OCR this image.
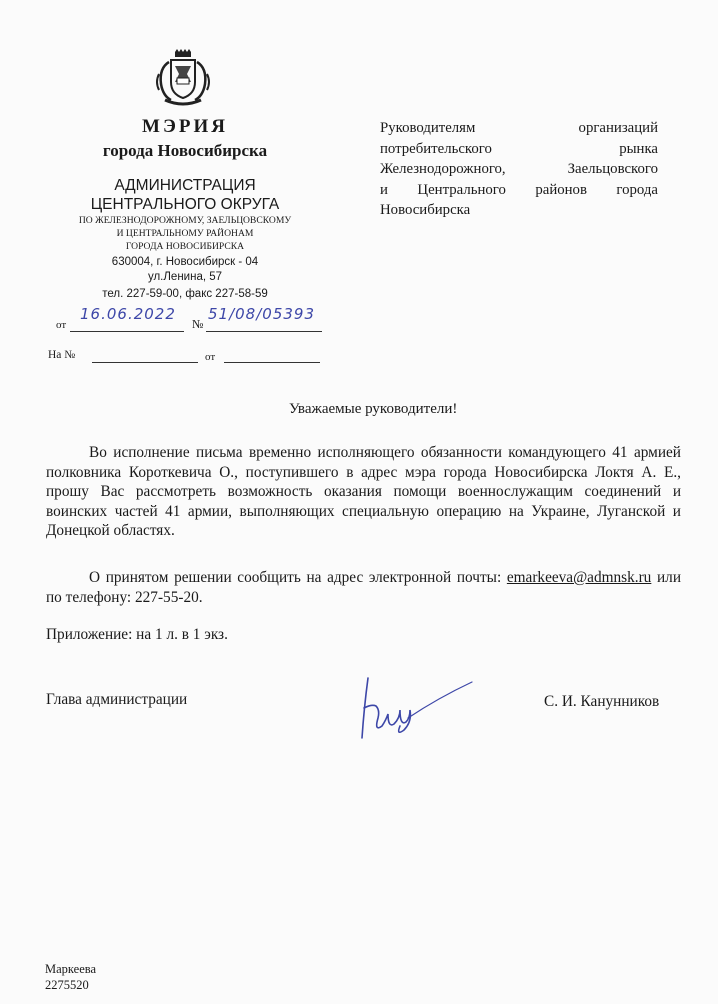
МЭРИЯ
города Новосибирска
АДМИНИСТРАЦИЯ
ЦЕНТРАЛЬНОГО ОКРУГА
ПО ЖЕЛЕЗНОДОРОЖНОМУ, ЗАЕЛЬЦОВСКОМУ
И ЦЕНТРАЛЬНОМУ РАЙОНАМ
ГОРОДА НОВОСИБИРСКА
630004, г. Новосибирск - 04
ул.Ленина, 57
тел. 227-59-00, факс 227-58-59
от
16.06.2022
№
51/08/05393
На №	от
Руководителям организаций
потребительского рынка
Железнодорожного, Заельцовского
и Центрального районов города
Новосибирска
Уважаемые руководители!
Во исполнение письма временно исполняющего обязанности командующего 41 армией полковника Короткевича О., поступившего в адрес мэра города Новосибирска Локтя А. Е., прошу Вас рассмотреть возможность оказания помощи военнослужащим соединений и воинских частей 41 армии, выполняющих специальную операцию на Украине, Луганской и Донецкой областях.
О принятом решении сообщить на адрес электронной почты: emarkeeva@admnsk.ru или по телефону: 227-55-20.
Приложение: на 1 л. в 1 экз.
Глава администрации	С. И. Канунников
Маркеева
2275520
